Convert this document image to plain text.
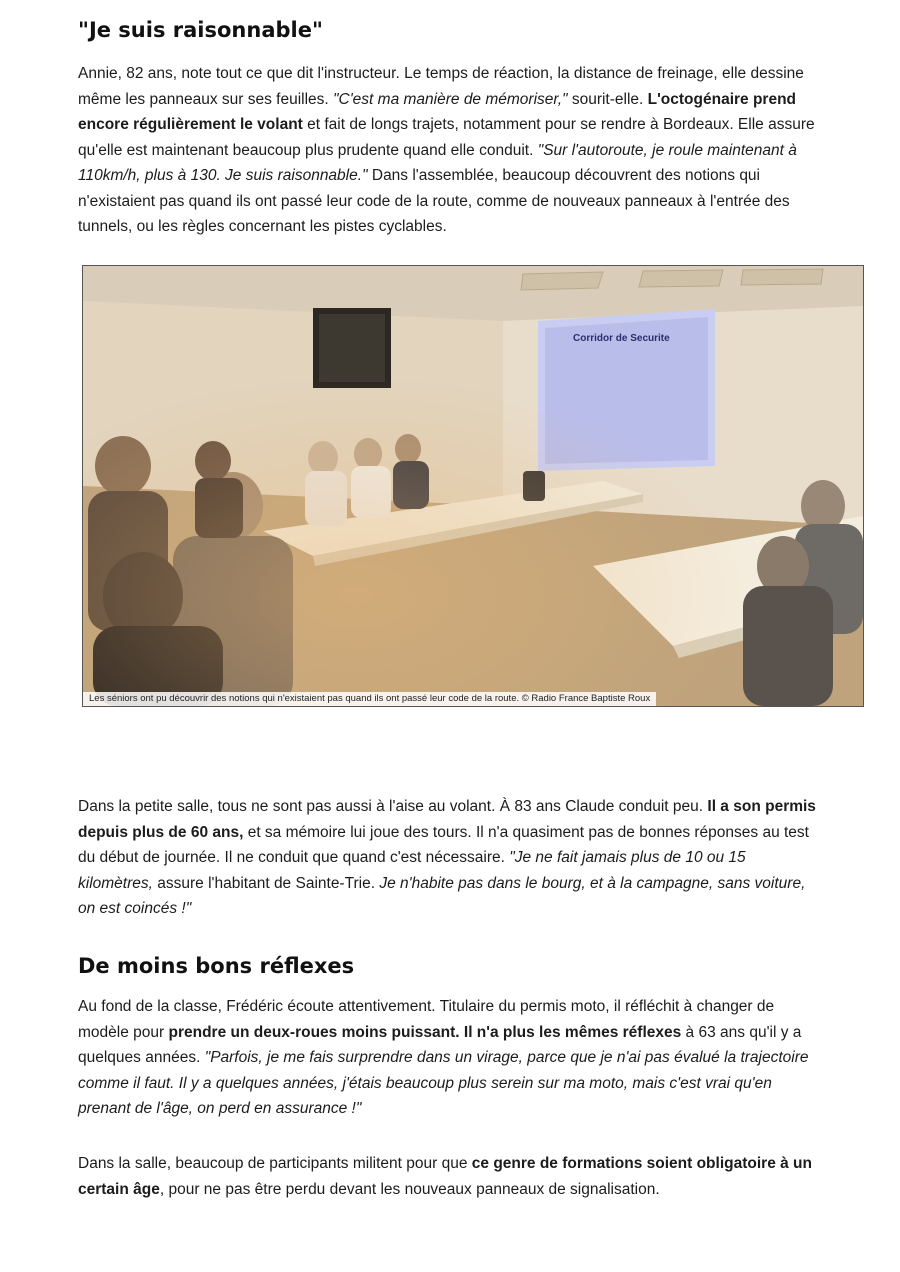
"Je suis raisonnable"

Annie, 82 ans, note tout ce que dit l'instructeur. Le temps de réaction, la distance de freinage, elle dessine même les panneaux sur ses feuilles. "C'est ma manière de mémoriser," sourit-elle. L'octogénaire prend encore régulièrement le volant et fait de longs trajets, notamment pour se rendre à Bordeaux. Elle assure qu'elle est maintenant beaucoup plus prudente quand elle conduit. "Sur l'autoroute, je roule maintenant à 110km/h, plus à 130. Je suis raisonnable." Dans l'assemblée, beaucoup découvrent des notions qui n'existaient pas quand ils ont passé leur code de la route, comme de nouveaux panneaux à l'entrée des tunnels, ou les règles concernant les pistes cyclables.

Les séniors ont pu découvrir des notions qui n'existaient pas quand ils ont passé leur code de la route. © Radio France Baptiste Roux

Dans la petite salle, tous ne sont pas aussi à l'aise au volant. À 83 ans Claude conduit peu. Il a son permis depuis plus de 60 ans, et sa mémoire lui joue des tours. Il n'a quasiment pas de bonnes réponses au test du début de journée. Il ne conduit que quand c'est nécessaire. "Je ne fait jamais plus de 10 ou 15 kilomètres, assure l'habitant de Sainte-Trie. Je n'habite pas dans le bourg, et à la campagne, sans voiture, on est coincés !"

De moins bons réflexes

Au fond de la classe, Frédéric écoute attentivement. Titulaire du permis moto, il réfléchit à changer de modèle pour prendre un deux-roues moins puissant. Il n'a plus les mêmes réflexes à 63 ans qu'il y a quelques années. "Parfois, je me fais surprendre dans un virage, parce que je n'ai pas évalué la trajectoire comme il faut. Il y a quelques années, j'étais beaucoup plus serein sur ma moto, mais c'est vrai qu'en prenant de l'âge, on perd en assurance !"

Dans la salle, beaucoup de participants militent pour que ce genre de formations soient obligatoire à un certain âge, pour ne pas être perdu devant les nouveaux panneaux de signalisation.
